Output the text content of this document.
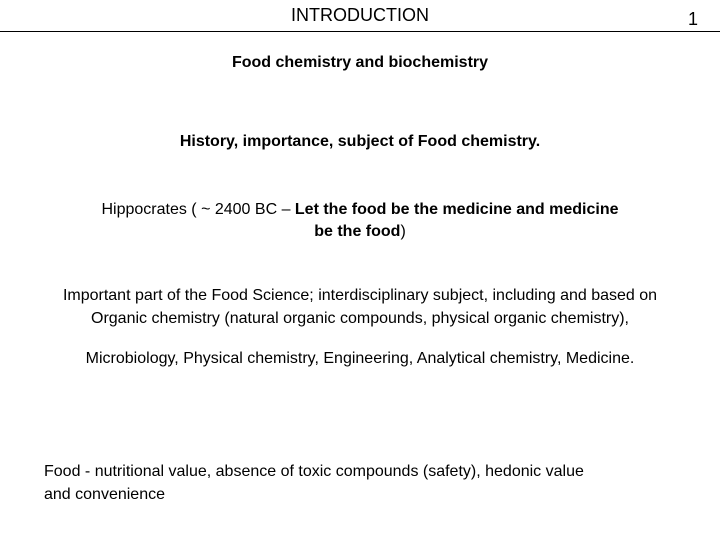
INTRODUCTION	1
Food chemistry and biochemistry
History, importance, subject of Food chemistry.
Hippocrates ( ~ 2400 BC – Let the food be the medicine and medicine
be the food)
Important part of the Food Science; interdisciplinary subject, including and based on
Organic chemistry (natural organic compounds, physical organic chemistry),
Microbiology, Physical chemistry, Engineering, Analytical chemistry, Medicine.
Food - nutritional value, absence of toxic compounds (safety), hedonic value
and convenience
